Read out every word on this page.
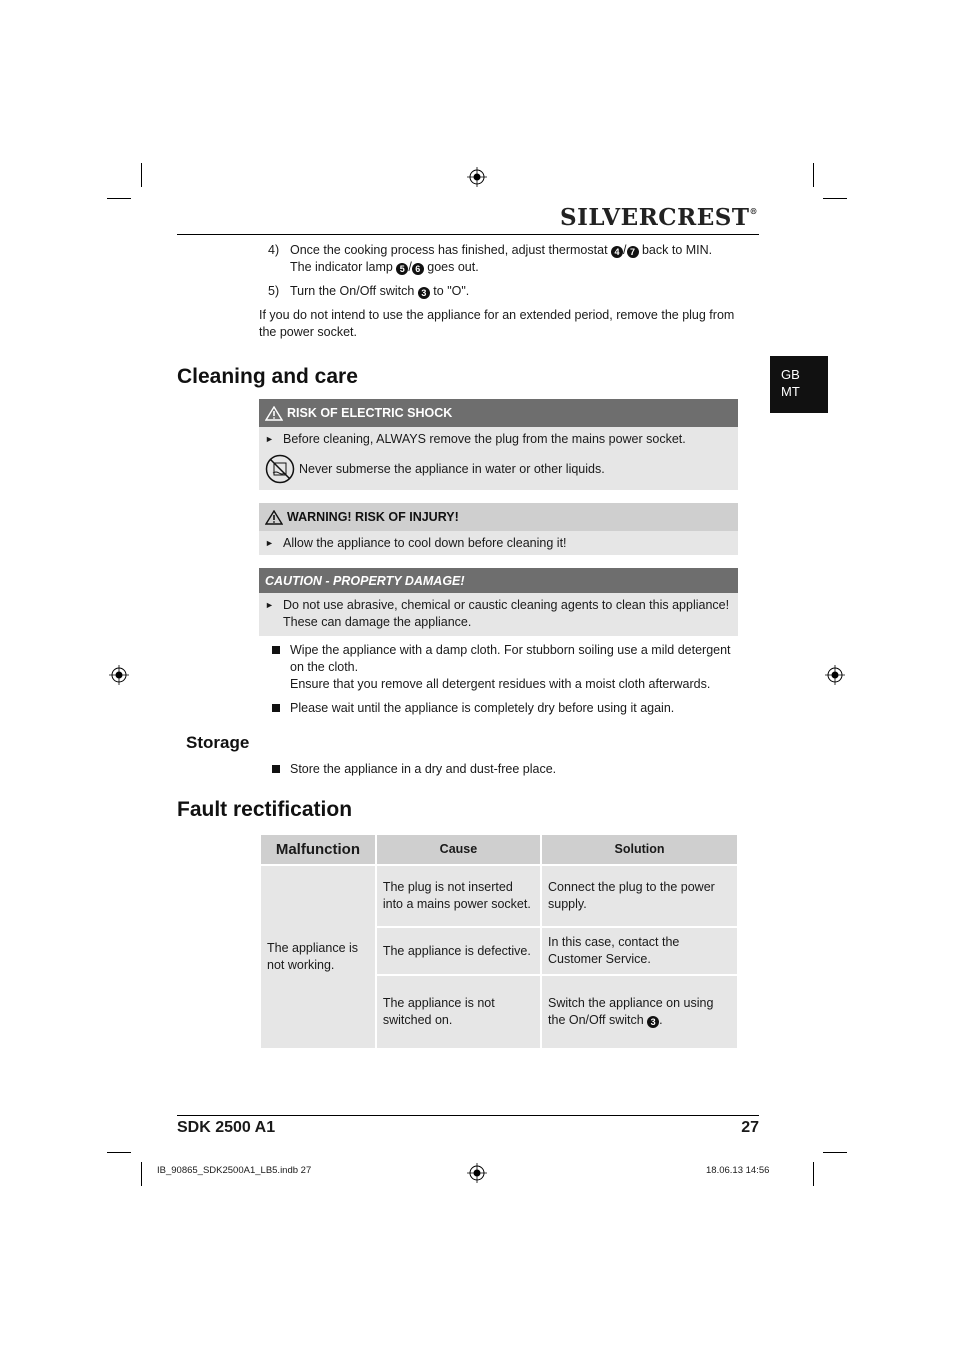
SILVERCREST®
4) Once the cooking process has finished, adjust thermostat 4 / 7 back to MIN.
The indicator lamp 5 / 6 goes out.
5) Turn the On/Off switch 3 to "O".
If you do not intend to use the appliance for an extended period, remove the plug from the power socket.
GB
MT
Cleaning and care
RISK OF ELECTRIC SHOCK
► Before cleaning, ALWAYS remove the plug from the mains power socket.
Never submerse the appliance in water or other liquids.
WARNING! RISK OF INJURY!
► Allow the appliance to cool down before cleaning it!
CAUTION - PROPERTY DAMAGE!
► Do not use abrasive, chemical or caustic cleaning agents to clean this appliance! These can damage the appliance.
Wipe the appliance with a damp cloth. For stubborn soiling use a mild detergent on the cloth.
Ensure that you remove all detergent residues with a moist cloth afterwards.
Please wait until the appliance is completely dry before using it again.
Storage
Store the appliance in a dry and dust-free place.
Fault rectification
Malfunction	Cause	Solution
The appliance is not working.	The plug is not inserted into a mains power socket.	Connect the plug to the power supply.
	The appliance is defective.	In this case, contact the Customer Service.
	The appliance is not switched on.	Switch the appliance on using the On/Off switch 3 .
SDK 2500 A1	27
IB_90865_SDK2500A1_LB5.indb 27	18.06.13 14:56
